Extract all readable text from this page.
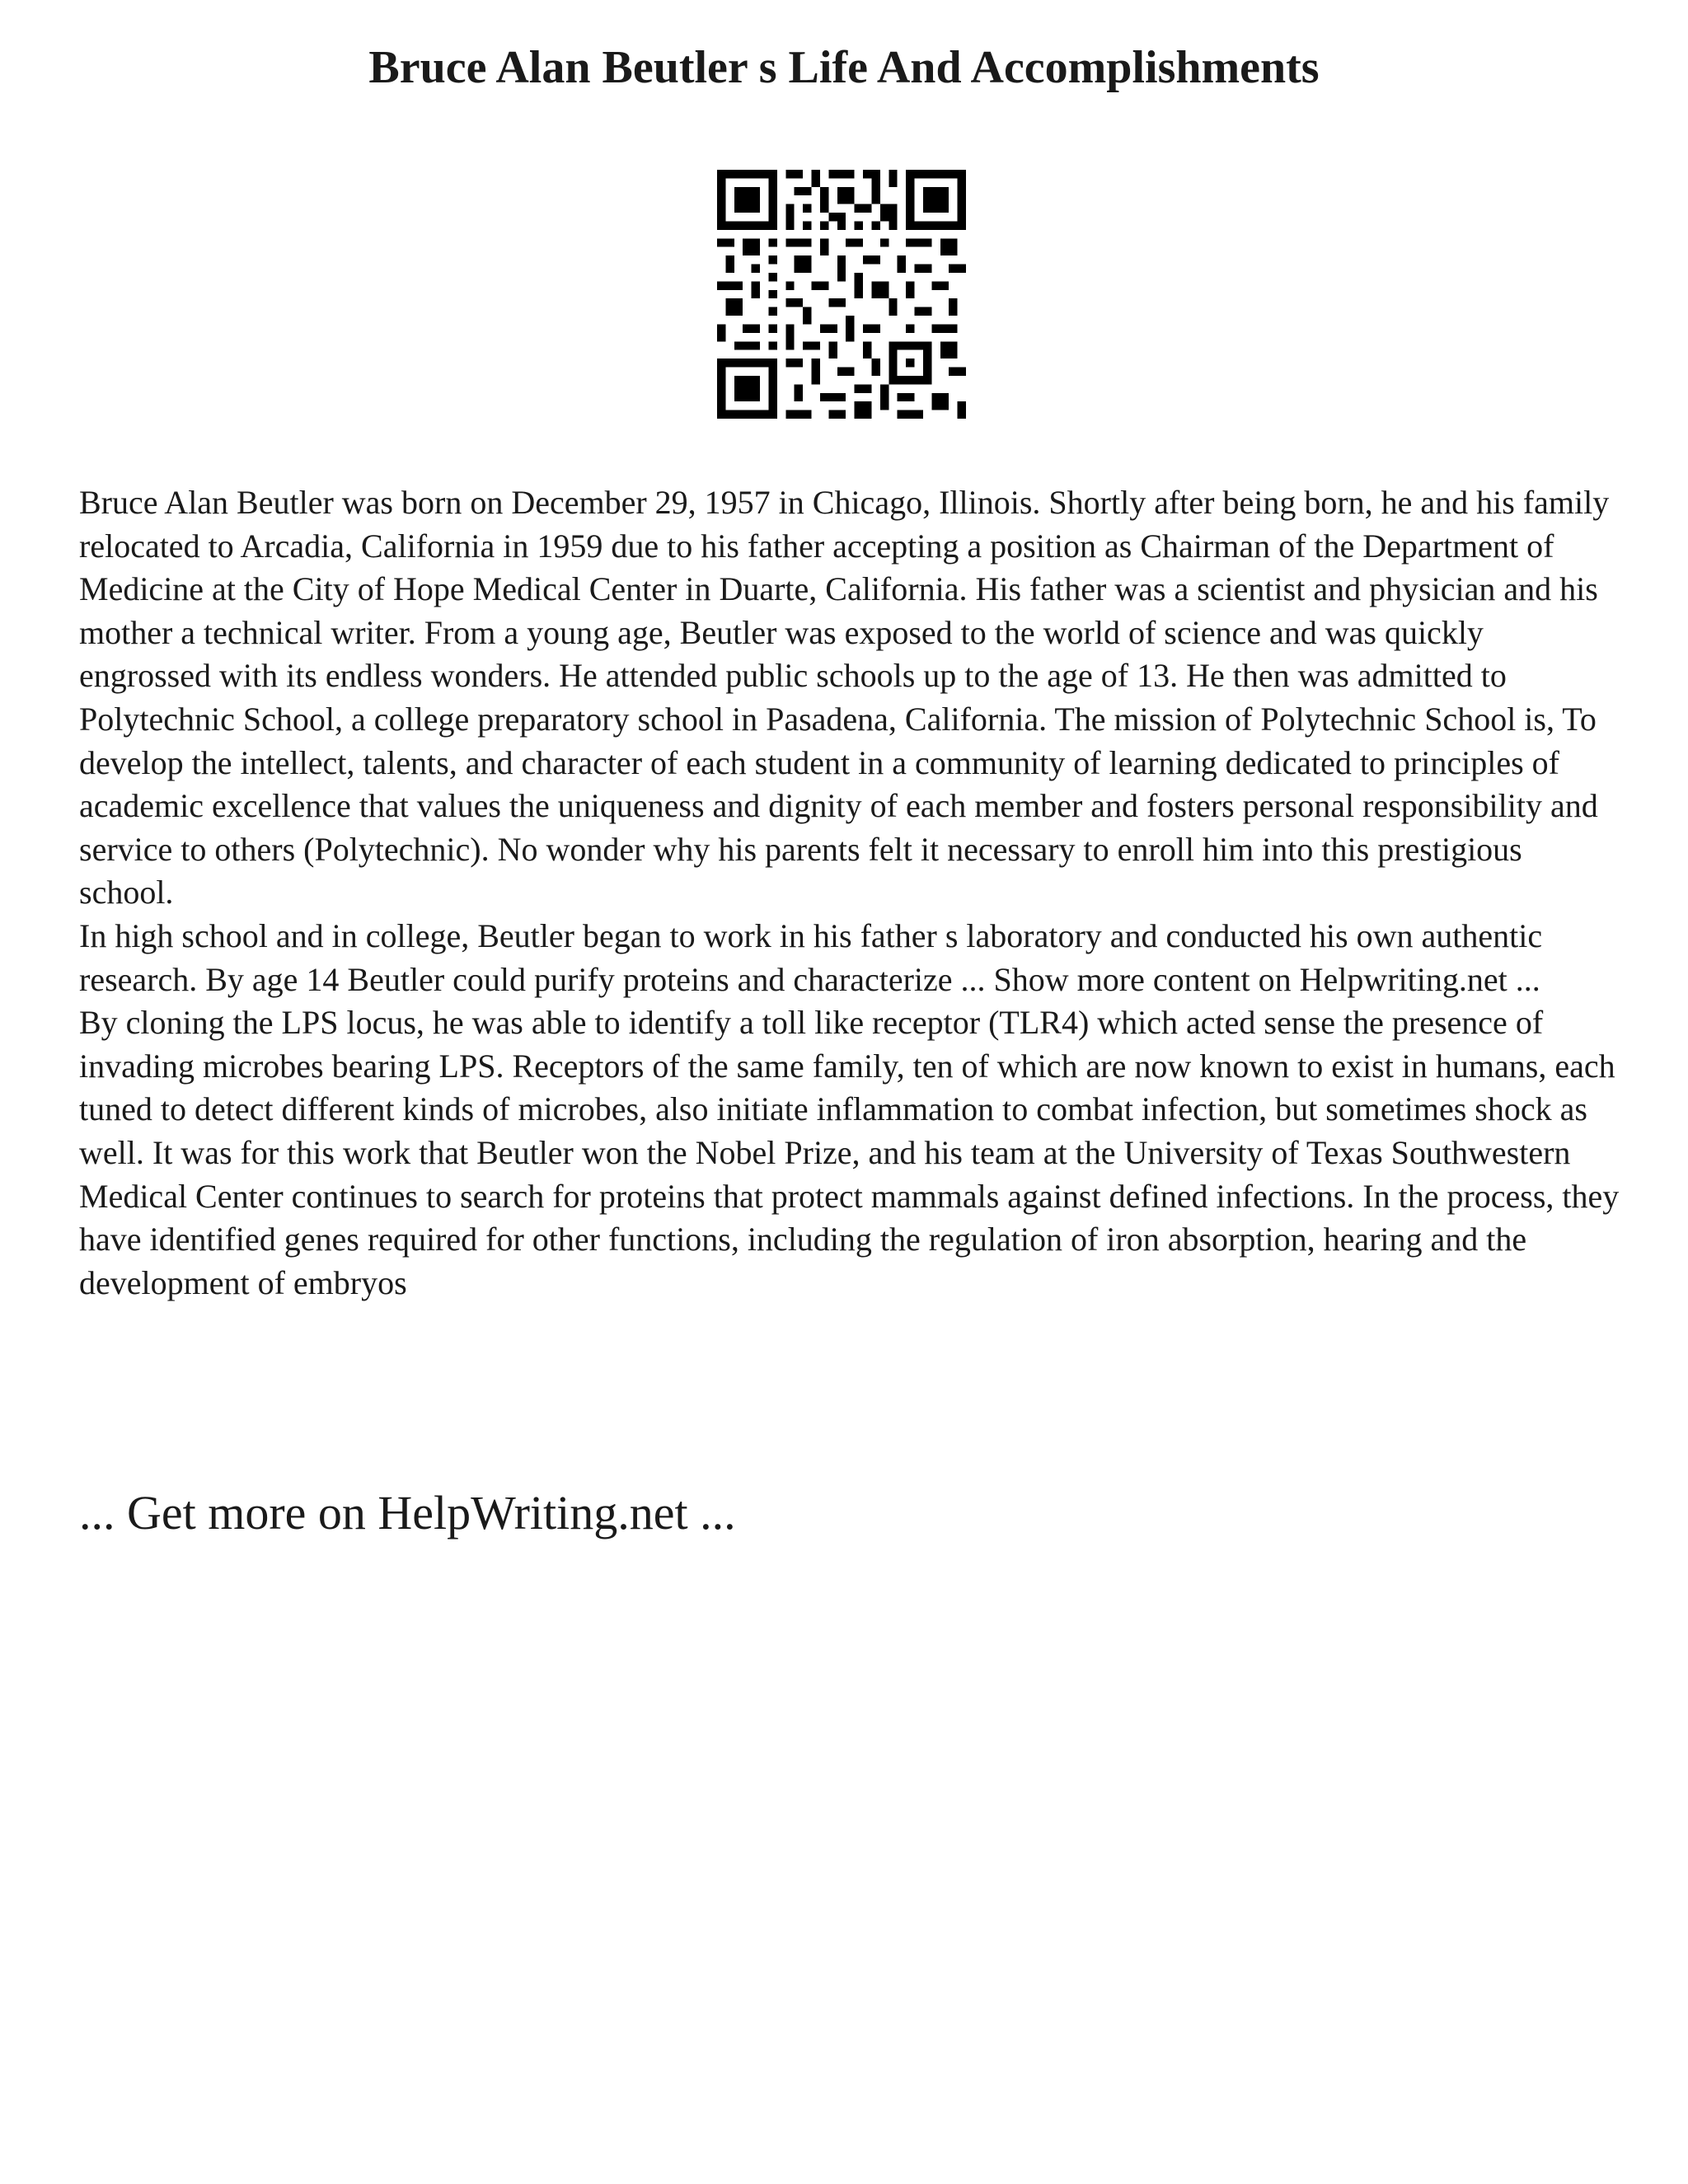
Bruce Alan Beutler s Life And Accomplishments

Bruce Alan Beutler was born on December 29, 1957 in Chicago, Illinois. Shortly after being born, he and his family relocated to Arcadia, California in 1959 due to his father accepting a position as Chairman of the Department of Medicine at the City of Hope Medical Center in Duarte, California. His father was a scientist and physician and his mother a technical writer. From a young age, Beutler was exposed to the world of science and was quickly engrossed with its endless wonders. He attended public schools up to the age of 13. He then was admitted to Polytechnic School, a college preparatory school in Pasadena, California. The mission of Polytechnic School is, To develop the intellect, talents, and character of each student in a community of learning dedicated to principles of academic excellence that values the uniqueness and dignity of each member and fosters personal responsibility and service to others (Polytechnic). No wonder why his parents felt it necessary to enroll him into this prestigious school.

In high school and in college, Beutler began to work in his father s laboratory and conducted his own authentic research. By age 14 Beutler could purify proteins and characterize ... Show more content on Helpwriting.net ...

By cloning the LPS locus, he was able to identify a toll like receptor (TLR4) which acted sense the presence of invading microbes bearing LPS. Receptors of the same family, ten of which are now known to exist in humans, each tuned to detect different kinds of microbes, also initiate inflammation to combat infection, but sometimes shock as well. It was for this work that Beutler won the Nobel Prize, and his team at the University of Texas Southwestern Medical Center continues to search for proteins that protect mammals against defined infections. In the process, they have identified genes required for other functions, including the regulation of iron absorption, hearing and the development of embryos

... Get more on HelpWriting.net ...
